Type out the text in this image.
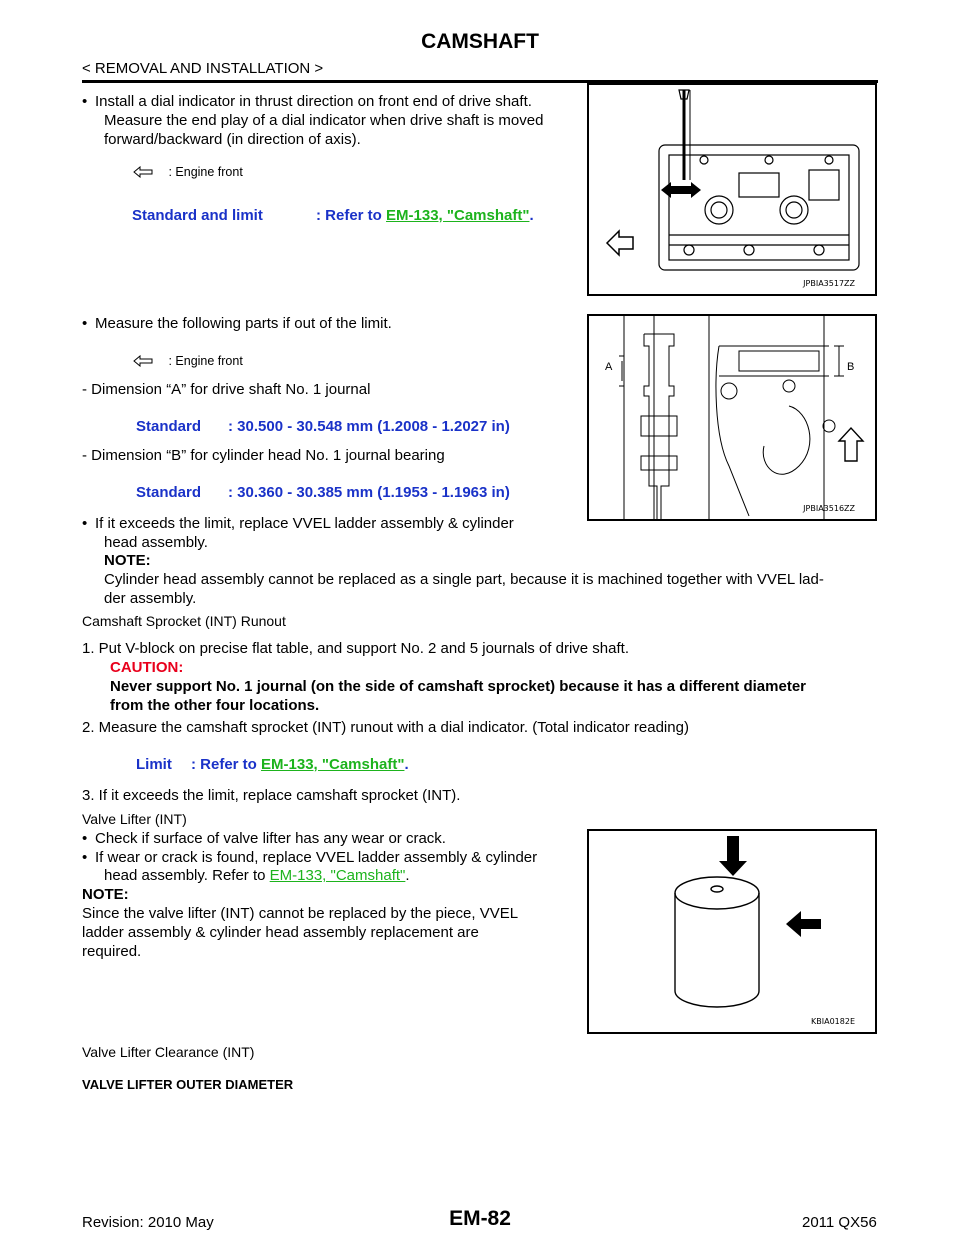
CAMSHAFT
< REMOVAL AND INSTALLATION >
• Install a dial indicator in thrust direction on front end of drive shaft.
Measure the end play of a dial indicator when drive shaft is moved
forward/backward (in direction of axis).
: Engine front
Standard and limit	: Refer to EM-133, "Camshaft".
JPBIA3517ZZ
• Measure the following parts if out of the limit.
: Engine front
- Dimension “A” for drive shaft No. 1 journal
Standard : 30.500 - 30.548 mm (1.2008 - 1.2027 in)
- Dimension “B” for cylinder head No. 1 journal bearing
Standard : 30.360 - 30.385 mm (1.1953 - 1.1963 in)
• If it exceeds the limit, replace VVEL ladder assembly & cylinder
head assembly.
NOTE:
Cylinder head assembly cannot be replaced as a single part, because it is machined together with VVEL lad-
der assembly.
A	B
JPBIA3516ZZ
Camshaft Sprocket (INT) Runout
1. Put V-block on precise flat table, and support No. 2 and 5 journals of drive shaft.
CAUTION:
Never support No. 1 journal (on the side of camshaft sprocket) because it has a different diameter
from the other four locations.
2. Measure the camshaft sprocket (INT) runout with a dial indicator. (Total indicator reading)
Limit : Refer to EM-133, "Camshaft".
3. If it exceeds the limit, replace camshaft sprocket (INT).
Valve Lifter (INT)
• Check if surface of valve lifter has any wear or crack.
• If wear or crack is found, replace VVEL ladder assembly & cylinder
head assembly. Refer to EM-133, "Camshaft".
NOTE:
Since the valve lifter (INT) cannot be replaced by the piece, VVEL
ladder assembly & cylinder head assembly replacement are
required.
KBIA0182E
Valve Lifter Clearance (INT)
VALVE LIFTER OUTER DIAMETER
Revision: 2010 May	EM-82	2011 QX56
